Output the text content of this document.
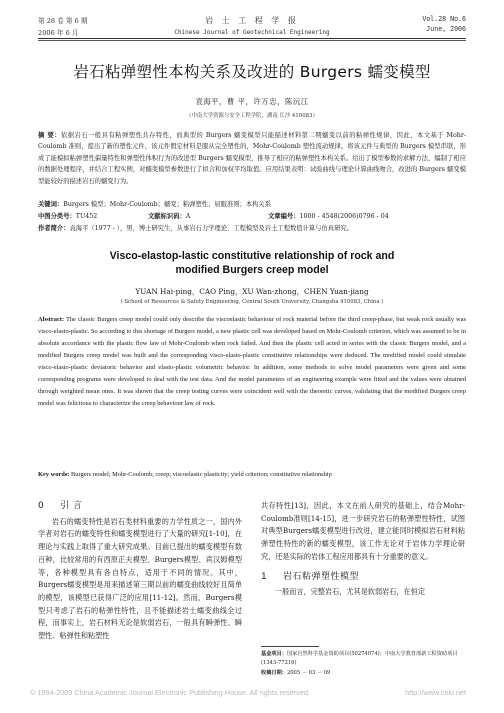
第 28 卷 第 6 期
2006 年 6 月
岩 土 工 程 学 报
Chinese Journal of Geotechnical Engineering
Vol.28 No.6
June, 2006
岩石粘弹塑性本构关系及改进的 Burgers 蠕变模型
袁海平，曹 平，许万忠，陈沅江
（中南大学资源与安全工程学院，湖南 长沙 410083）
摘 要：依据岩石一般具有粘弹塑性共存特性，而典型的 Burgers 蠕变模型只能描述材料第二期蠕变以前的粘弹性规律，因此，本文基于 Mohr-Coulomb 准则，提出了新的塑性元件，该元件假定材料是服从完全塑性的，Mohr-Coulomb 塑性流动规律。将该元件与典型的 Burgers 模型串联，形成了能模拟粘弹塑性偏量特性和弹塑性体积行为的改进型 Burgers 蠕变模型，推导了相应的粘弹塑性本构关系。给出了模型参数的求解方法，编制了相应的数据处理程序，并结合工程实例，对蠕变模型参数进行了拟合和加权平均取值。应用结果表明：试验曲线与理论计算曲线吻合，改进的 Burgers 蠕变模型能较好的描述岩石的蠕变行为。
关键词：Burgers 模型；Mohr-Coulomb；蠕变；粘弹塑性；屈服准则；本构关系
中图分类号：TU452	文献标识码：A	文章编号：1000 - 4548(2006)0796 - 04
作者简介：袁海平（1977 - ），男，博士研究生，从事岩石力学理论、工程模型及岩土工程数值计算与仿真研究。
Visco-elastop-lastic constitutive relationship of rock and
modified Burgers creep model
YUAN Hai-ping，CAO Ping，XU Wan-zhong，CHEN Yuan-jiang
( School of Resources & Safety Engineering, Central South University, Changsha 410083, China )
Abstract: The classic Burgers creep model could only describe the viscoelastic behaviour of rock material before the third creep-phase, but weak rock usually was visco-elasto-plastic. So according to this shortage of Burgers model, a new plastic cell was developed based on Mohr-Coulomb criterion, which was assumed to be in absolute accordance with the plastic flow law of Mohr-Coulomb when rock failed. And then the plastic cell acted in series with the classic Burgers model, and a modified Burgers creep model was built and the corresponding visco-elasto-plastic constitutive relationships were deduced. The modified model could simulate visco-elasto-plastic deviatoric behavior and elasto-plastic volumetric behavior. In addition, some methods to solve model parameters were given and some corresponding programs were developed to deal with the test data. And the model parameters of an engineering example were fitted and the values were obtained through weighted mean ones. It was shown that the creep testing curves were coincident well with the theoretic curves, validating that the modified Burgers creep model was felicitous to characterize the creep behaviour law of rock.
Key words: Burgers model; Mohr-Coulomb; creep; viscoelastic plasticity; yield criterion; constitutive relationship
0 引 言
岩石的蠕变特性是岩石类材料重要的力学性质之一，国内外学者对岩石的蠕变特性和蠕变模型进行了大量的研究[1-10]，在理论与实践上取得了重大研究成果。目前已提出的蠕变模型有数百种，比较常用的有西原正夫模型、Burgers模型、宾汉姆模型等，各种模型具有各自特点，适用于不同的情况。其中，Burgers蠕变模型是用来描述第三期以前的蠕变曲线较好且简单的模型，该模型已获得广泛的应用[11-12]。然而，Burgers模型只考虑了岩石的粘弹性特性，且不能描述岩土蠕变曲线全过程，而事实上，岩石材料无论是软弱岩石，一般具有瞬弹性、瞬塑性、粘弹性和粘塑性
共存特性[13]，因此，本文在前人研究的基础上，结合Mohr-Coulomb准则[14-15]，进一步研究岩石的粘弹塑性特性，试图对典型Burgers蠕变模型进行改进，建立能同时模拟岩石材料粘弹塑性特性的新的蠕变模型，该工作无论对于岩体力学理论研究，还是实际的岩体工程应用都具有十分重要的意义。
1 岩石粘弹塑性模型
一般而言，完整岩石，尤其是软弱岩石，在恒定
基金项目：国家自然科学基金资助项目(50274074)；中南大学教育部新工程资助项目(1343-77216)
收稿日期：2005 － 03 － 09
© 1994-2009 China Academic Journal Electronic Publishing House. All rights reserved.	http://www.cnki.net
